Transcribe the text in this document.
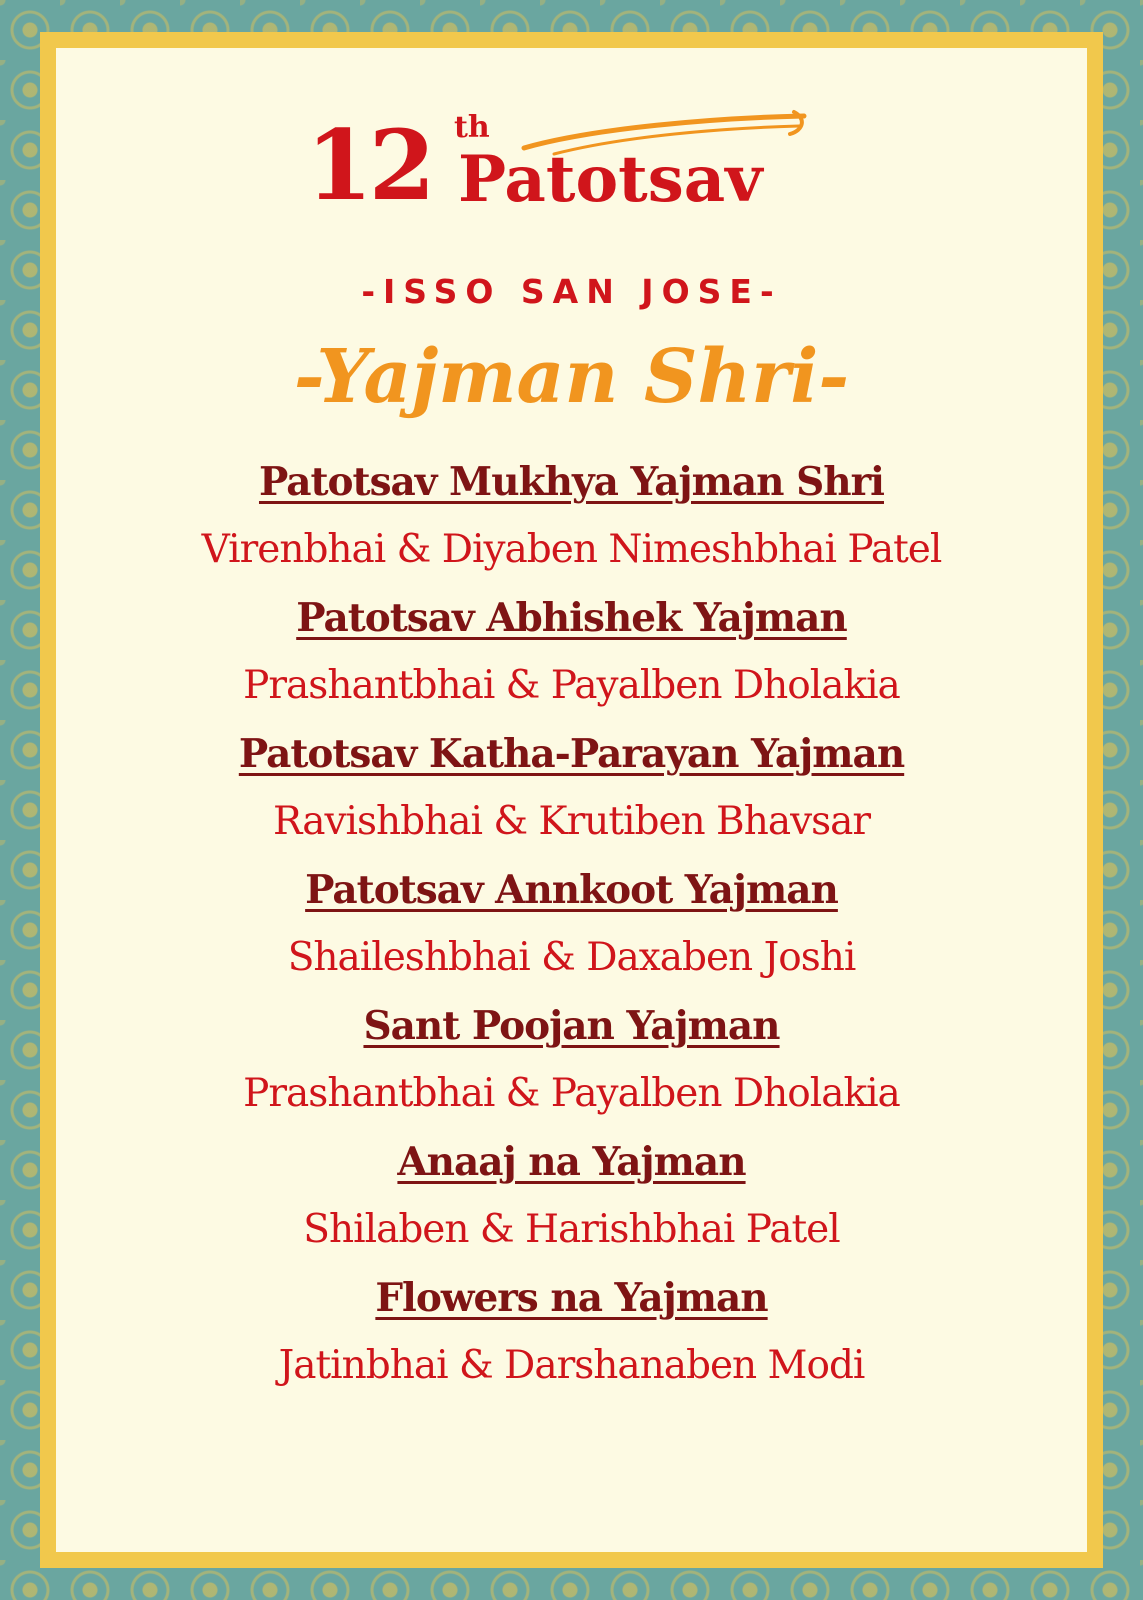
12 th
Patotsav
-ISSO SAN JOSE-
-Yajman Shri-
Patotsav Mukhya Yajman Shri
Virenbhai & Diyaben Nimeshbhai Patel
Patotsav Abhishek Yajman
Prashantbhai & Payalben Dholakia
Patotsav Katha-Parayan Yajman
Ravishbhai & Krutiben Bhavsar
Patotsav Annkoot Yajman
Shaileshbhai & Daxaben Joshi
Sant Poojan Yajman
Prashantbhai & Payalben Dholakia
Anaaj na Yajman
Shilaben & Harishbhai Patel
Flowers na Yajman
Jatinbhai & Darshanaben Modi
